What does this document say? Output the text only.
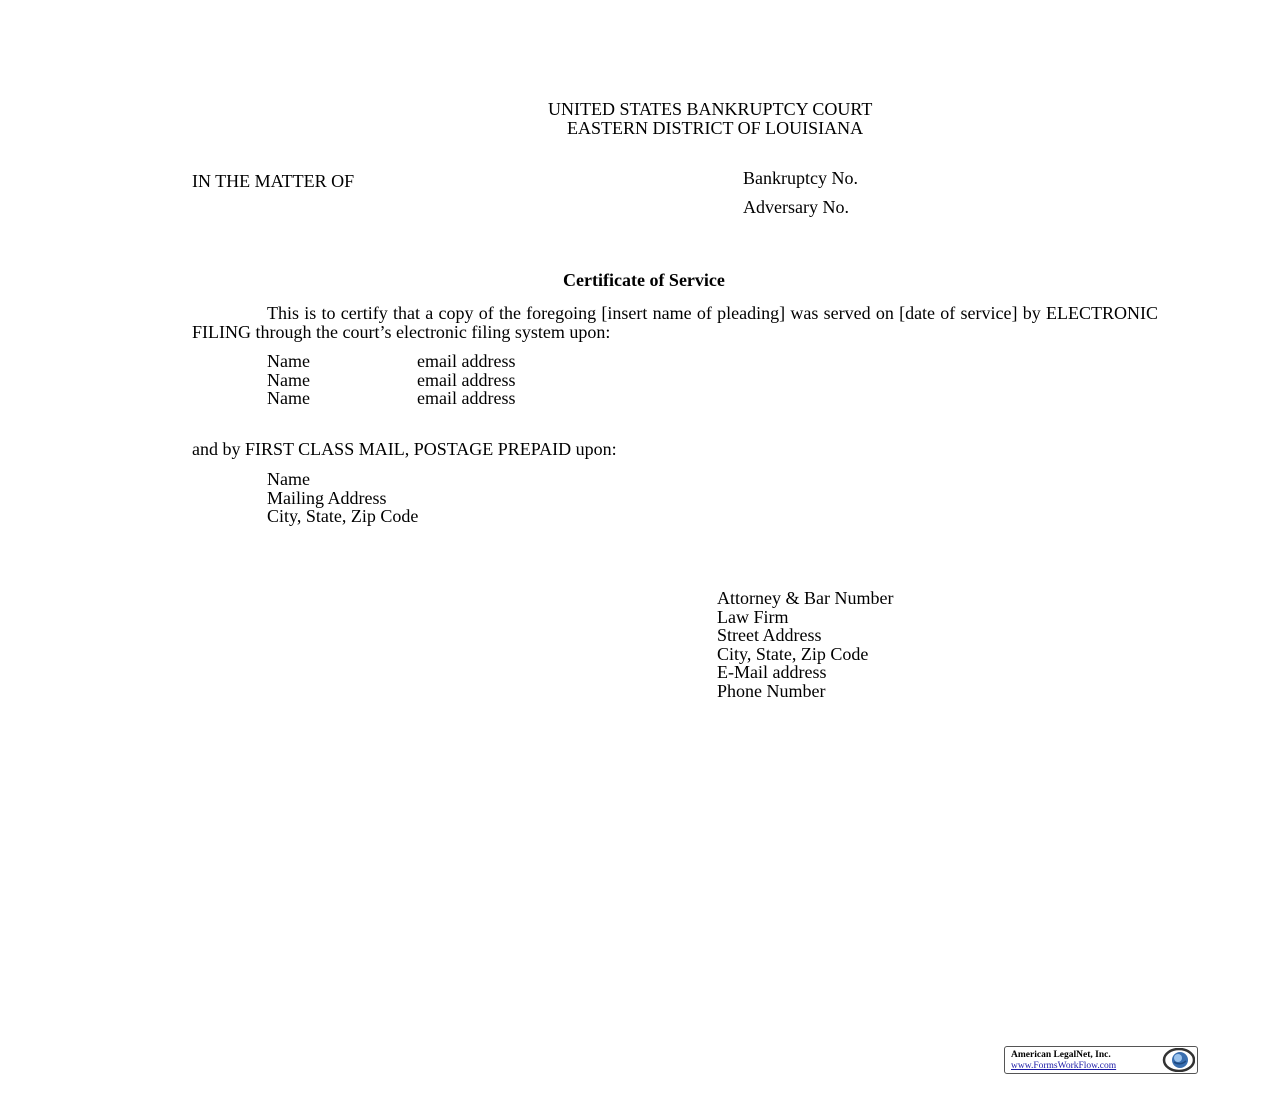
UNITED STATES BANKRUPTCY COURT
EASTERN DISTRICT OF LOUISIANA
IN THE MATTER OF	Bankruptcy No.
Adversary No.
Certificate of Service
This is to certify that a copy of the foregoing [insert name of pleading] was served on [date of service] by ELECTRONIC FILING through the court’s electronic filing system upon:
Name	email address
Name	email address
Name	email address
and by FIRST CLASS MAIL, POSTAGE PREPAID upon:
Name
Mailing Address
City, State, Zip Code
Attorney & Bar Number
Law Firm
Street Address
City, State, Zip Code
E-Mail address
Phone Number
American LegalNet, Inc.
www.FormsWorkFlow.com
